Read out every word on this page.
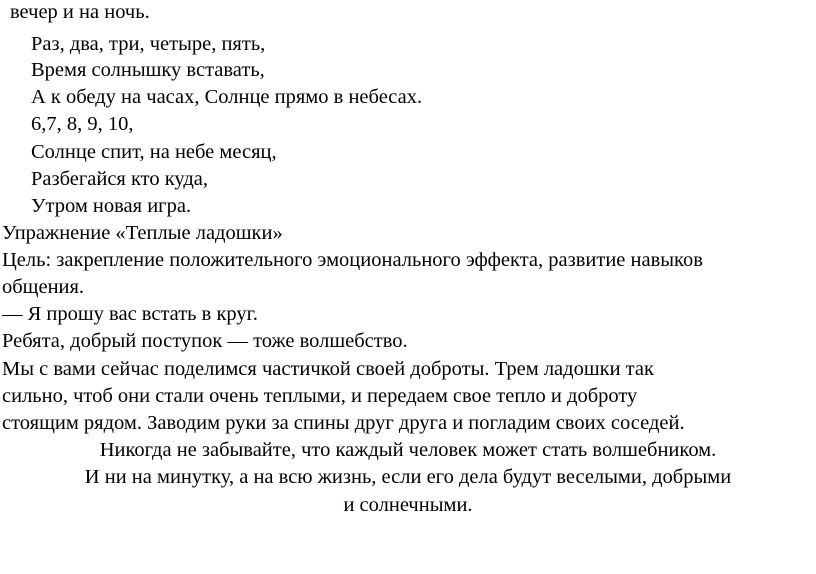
вечер и на ночь.

Раз, два, три, четыре, пять,

Время солнышку вставать,

А к обеду на часах, Солнце прямо в небесах.

6,7, 8, 9, 10,

Солнце спит, на небе месяц,

Разбегайся кто куда,

Утром новая игра.

Упражнение «Теплые ладошки»

Цель: закрепление положительного эмоционального эффекта, развитие навыков

общения.

— Я прошу вас встать в круг.

Ребята, добрый поступок — тоже волшебство.

Мы с вами сейчас поделимся частичкой своей доброты. Трем ладошки так

сильно, чтоб они стали очень теплыми, и передаем свое тепло и доброту

стоящим рядом. Заводим руки за спины друг друга и погладим своих соседей.

Никогда не забывайте, что каждый человек может стать волшебником.

И ни на минутку, а на всю жизнь, если его дела будут веселыми, добрыми

и солнечными.
